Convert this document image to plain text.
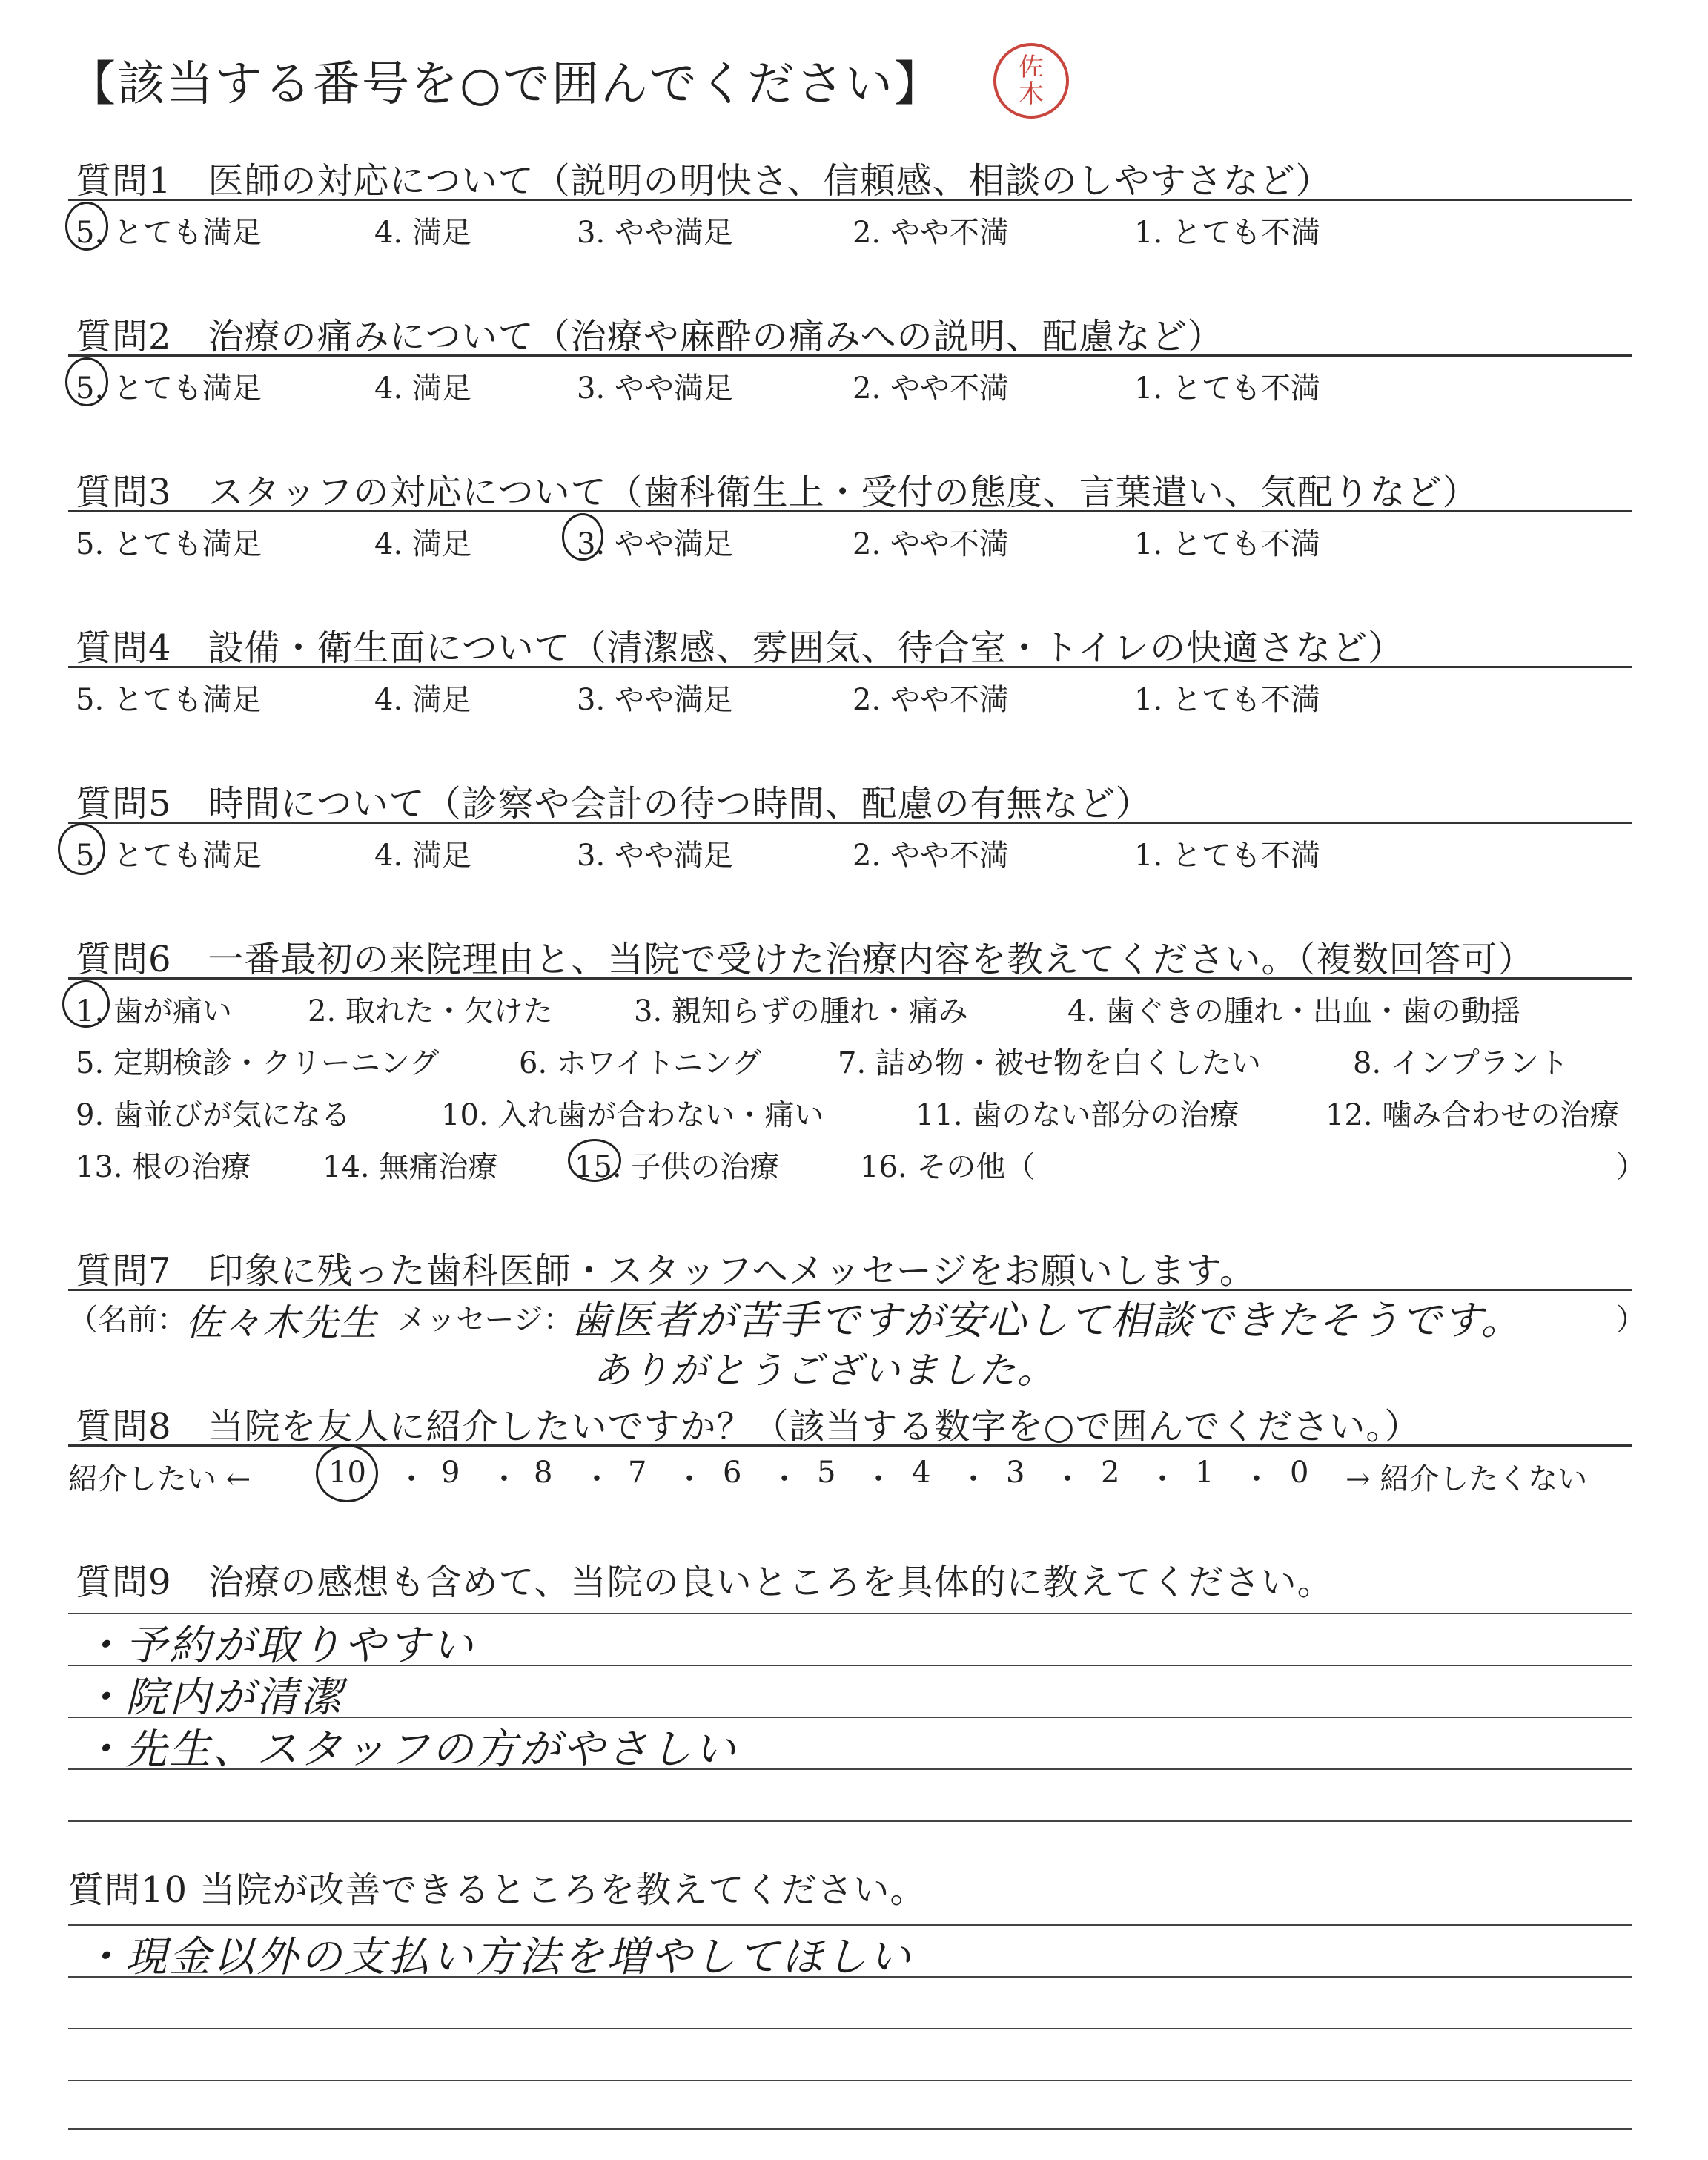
【該当する番号を○で囲んでください】	佐
木
質問1　医師の対応について（説明の明快さ、信頼感、相談のしやすさなど）
5. とても満足	4. 満足	3. やや満足	2. やや不満	1. とても不満
質問2　治療の痛みについて（治療や麻酔の痛みへの説明、配慮など）
5. とても満足	4. 満足	3. やや満足	2. やや不満	1. とても不満
質問3　スタッフの対応について（歯科衛生上・受付の態度、言葉遣い、気配りなど）
5. とても満足	4. 満足	3. やや満足	2. やや不満	1. とても不満
質問4　設備・衛生面について（清潔感、雰囲気、待合室・トイレの快適さなど）
5. とても満足	4. 満足	3. やや満足	2. やや不満	1. とても不満
質問5　時間について（診察や会計の待つ時間、配慮の有無など）
5. とても満足	4. 満足	3. やや満足	2. やや不満	1. とても不満
質問6　一番最初の来院理由と、当院で受けた治療内容を教えてください。（複数回答可）
1. 歯が痛い	2. 取れた・欠けた	3. 親知らずの腫れ・痛み	4. 歯ぐきの腫れ・出血・歯の動揺
5. 定期検診・クリーニング	6. ホワイトニング	7. 詰め物・被せ物を白くしたい	8. インプラント
9. 歯並びが気になる	10. 入れ歯が合わない・痛い	11. 歯のない部分の治療	12. 噛み合わせの治療
13. 根の治療 14. 無痛治療	15. 子供の治療	16. その他（	）
質問7　印象に残った歯科医師・スタッフへメッセージをお願いします。
（名前：
佐々木先生 メッセージ：
歯医者が苦手ですが安心して相談できたそうです。
ありがとうございました。
）
質問8　当院を友人に紹介したいですか？（該当する数字を○で囲んでください。）
紹介したい ←	10 ・ 9 ・ 8 ・ 7 ・ 6 ・ 5 ・ 4 ・ 3 ・ 2 ・ 1 ・ 0 → 紹介したくない
質問9　治療の感想も含めて、当院の良いところを具体的に教えてください。
・予約が取りやすい
・院内が清潔
・先生、スタッフの方がやさしい
質問10 当院が改善できるところを教えてください。
・現金以外の支払い方法を増やしてほしい
